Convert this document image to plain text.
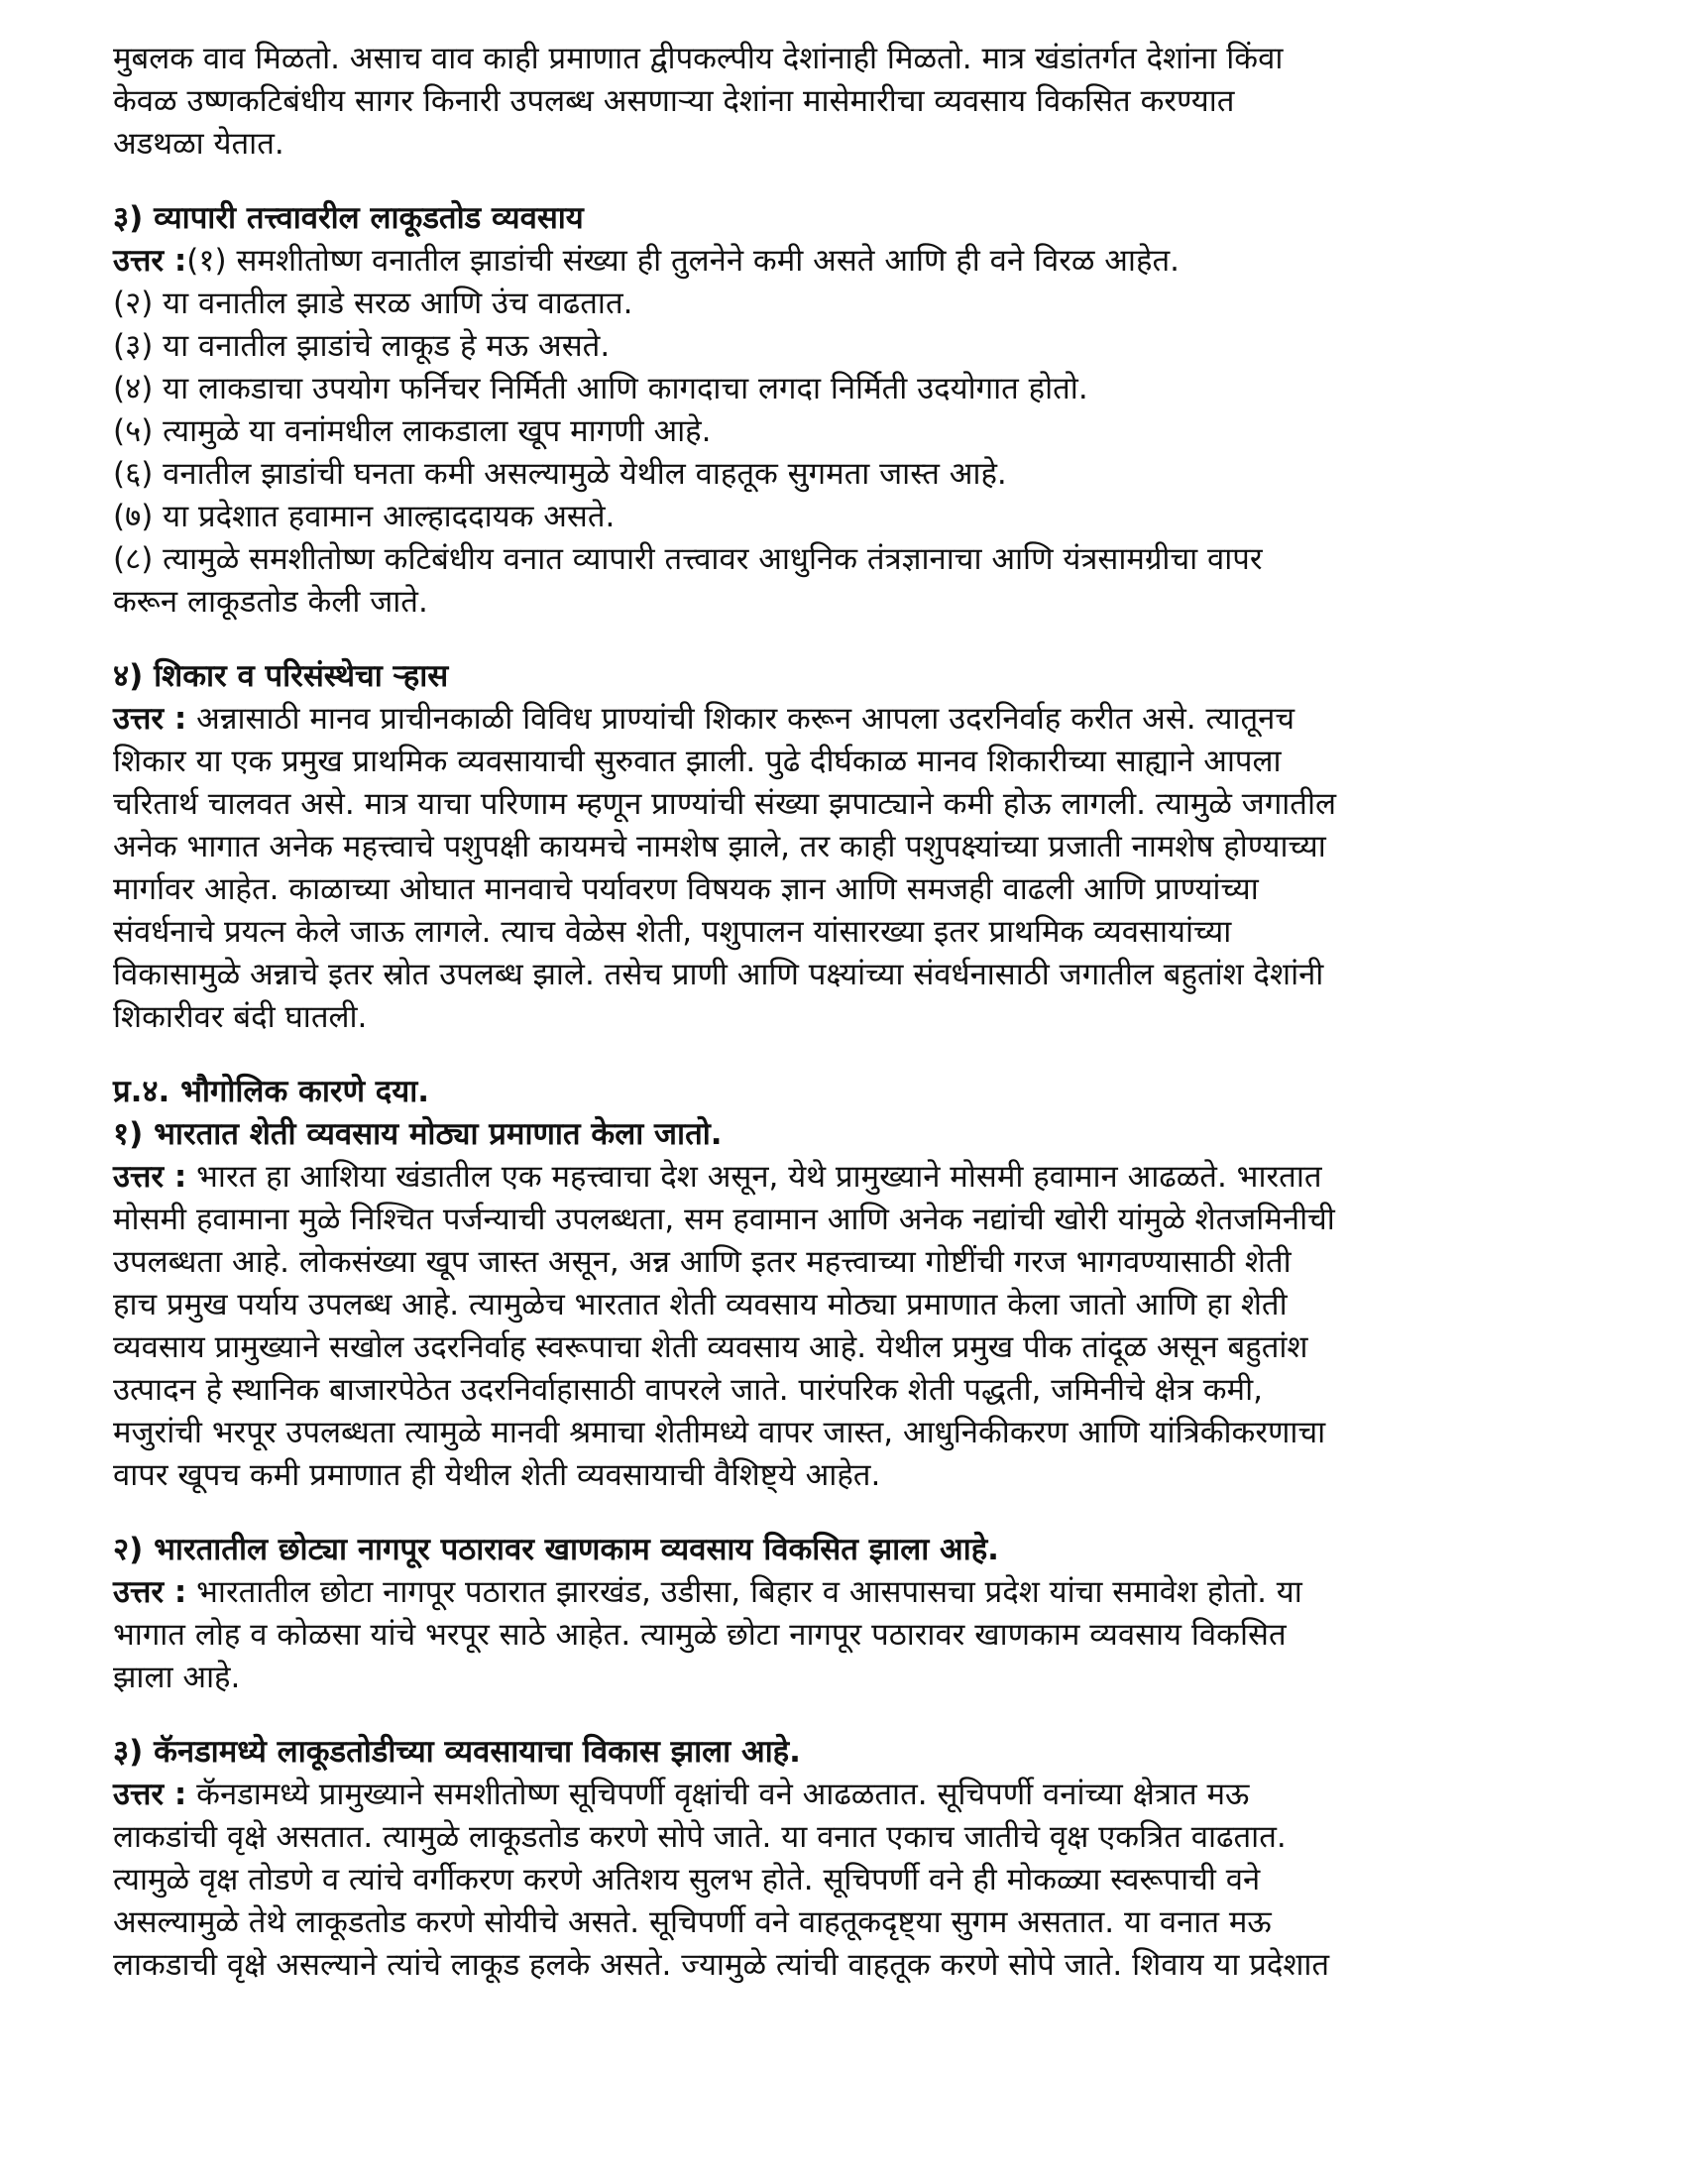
मुबलक वाव मिळतो. असाच वाव काही प्रमाणात द्वीपकल्पीय देशांनाही मिळतो. मात्र खंडांतर्गत देशांना किंवा

केवळ उष्णकटिबंधीय सागर किनारी उपलब्ध असणाऱ्या देशांना मासेमारीचा व्यवसाय विकसित करण्यात

अडथळा येतात.

३) व्यापारी तत्त्वावरील लाकूडतोड व्यवसाय

उत्तर :(१) समशीतोष्ण वनातील झाडांची संख्या ही तुलनेने कमी असते आणि ही वने विरळ आहेत.

(२) या वनातील झाडे सरळ आणि उंच वाढतात.

(३) या वनातील झाडांचे लाकूड हे मऊ असते.

(४) या लाकडाचा उपयोग फर्निचर निर्मिती आणि कागदाचा लगदा निर्मिती उदयोगात होतो.

(५) त्यामुळे या वनांमधील लाकडाला खूप मागणी आहे.

(६) वनातील झाडांची घनता कमी असल्यामुळे येथील वाहतूक सुगमता जास्त आहे.

(७) या प्रदेशात हवामान आल्हाददायक असते.

(८) त्यामुळे समशीतोष्ण कटिबंधीय वनात व्यापारी तत्त्वावर आधुनिक तंत्रज्ञानाचा आणि यंत्रसामग्रीचा वापर

करून लाकूडतोड केली जाते.

४) शिकार व परिसंस्थेचा ऱ्हास

उत्तर : अन्नासाठी मानव प्राचीनकाळी विविध प्राण्यांची शिकार करून आपला उदरनिर्वाह करीत असे. त्यातूनच

शिकार या एक प्रमुख प्राथमिक व्यवसायाची सुरुवात झाली. पुढे दीर्घकाळ मानव शिकारीच्या साह्याने आपला

चरितार्थ चालवत असे. मात्र याचा परिणाम म्हणून प्राण्यांची संख्या झपाट्याने कमी होऊ लागली. त्यामुळे जगातील

अनेक भागात अनेक महत्त्वाचे पशुपक्षी कायमचे नामशेष झाले, तर काही पशुपक्ष्यांच्या प्रजाती नामशेष होण्याच्या

मार्गावर आहेत. काळाच्या ओघात मानवाचे पर्यावरण विषयक ज्ञान आणि समजही वाढली आणि प्राण्यांच्या

संवर्धनाचे प्रयत्न केले जाऊ लागले. त्याच वेळेस शेती, पशुपालन यांसारख्या इतर प्राथमिक व्यवसायांच्या

विकासामुळे अन्नाचे इतर स्रोत उपलब्ध झाले. तसेच प्राणी आणि पक्ष्यांच्या संवर्धनासाठी जगातील बहुतांश देशांनी

शिकारीवर बंदी घातली.

प्र.४. भौगोलिक कारणे दया.

१) भारतात शेती व्यवसाय मोठ्या प्रमाणात केला जातो.

उत्तर : भारत हा आशिया खंडातील एक महत्त्वाचा देश असून, येथे प्रामुख्याने मोसमी हवामान आढळते. भारतात

मोसमी हवामाना मुळे निश्चित पर्जन्याची उपलब्धता, सम हवामान आणि अनेक नद्यांची खोरी यांमुळे शेतजमिनीची

उपलब्धता आहे. लोकसंख्या खूप जास्त असून, अन्न आणि इतर महत्त्वाच्या गोष्टींची गरज भागवण्यासाठी शेती

हाच प्रमुख पर्याय उपलब्ध आहे. त्यामुळेच भारतात शेती व्यवसाय मोठ्या प्रमाणात केला जातो आणि हा शेती

व्यवसाय प्रामुख्याने सखोल उदरनिर्वाह स्वरूपाचा शेती व्यवसाय आहे. येथील प्रमुख पीक तांदूळ असून बहुतांश

उत्पादन हे स्थानिक बाजारपेठेत उदरनिर्वाहासाठी वापरले जाते. पारंपरिक शेती पद्धती, जमिनीचे क्षेत्र कमी,

मजुरांची भरपूर उपलब्धता त्यामुळे मानवी श्रमाचा शेतीमध्ये वापर जास्त, आधुनिकीकरण आणि यांत्रिकीकरणाचा

वापर खूपच कमी प्रमाणात ही येथील शेती व्यवसायाची वैशिष्ट्ये आहेत.

२) भारतातील छोट्या नागपूर पठारावर खाणकाम व्यवसाय विकसित झाला आहे.

उत्तर : भारतातील छोटा नागपूर पठारात झारखंड, उडीसा, बिहार व आसपासचा प्रदेश यांचा समावेश होतो. या

भागात लोह व कोळसा यांचे भरपूर साठे आहेत. त्यामुळे छोटा नागपूर पठारावर खाणकाम व्यवसाय विकसित

झाला आहे.

३) कॅनडामध्ये लाकूडतोडीच्या व्यवसायाचा विकास झाला आहे.

उत्तर : कॅनडामध्ये प्रामुख्याने समशीतोष्ण सूचिपर्णी वृक्षांची वने आढळतात. सूचिपर्णी वनांच्या क्षेत्रात मऊ

लाकडांची वृक्षे असतात. त्यामुळे लाकूडतोड करणे सोपे जाते. या वनात एकाच जातीचे वृक्ष एकत्रित वाढतात.

त्यामुळे वृक्ष तोडणे व त्यांचे वर्गीकरण करणे अतिशय सुलभ होते. सूचिपर्णी वने ही मोकळ्या स्वरूपाची वने

असल्यामुळे तेथे लाकूडतोड करणे सोयीचे असते. सूचिपर्णी वने वाहतूकदृष्ट्या सुगम असतात. या वनात मऊ

लाकडाची वृक्षे असल्याने त्यांचे लाकूड हलके असते. ज्यामुळे त्यांची वाहतूक करणे सोपे जाते. शिवाय या प्रदेशात
